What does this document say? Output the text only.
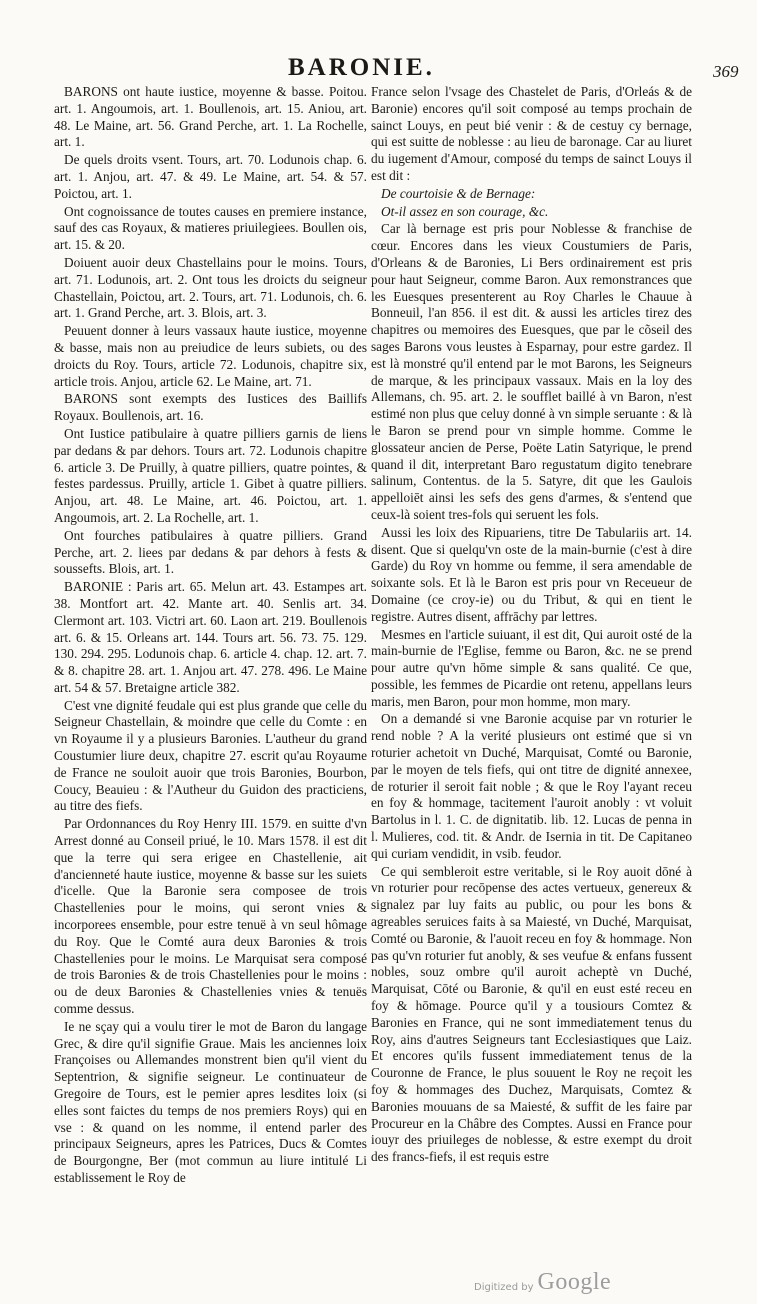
BARONIE.	369

BARONS ont haute iustice, moyenne & basse. Poitou. art. 1. Angoumois, art. 1. Boullenois, art. 15. Aniou, art. 48. Le Maine, art. 56. Grand Perche, art. 1. La Rochelle, art. 1.

De quels droits vsent. Tours, art. 70. Lodunois chap. 6. art. 1. Anjou, art. 47. & 49. Le Maine, art. 54. & 57. Poictou, art. 1.

Ont cognoissance de toutes causes en premiere instance, sauf des cas Royaux, & matieres priuilegiees. Boullen ois, art. 15. & 20.

Doiuent auoir deux Chastellains pour le moins. Tours, art. 71. Lodunois, art. 2. Ont tous les droicts du seigneur Chastellain, Poictou, art. 2. Tours, art. 71. Lodunois, ch. 6. art. 1. Grand Perche, art. 3. Blois, art. 3.

Peuuent donner à leurs vassaux haute iustice, moyenne & basse, mais non au preiudice de leurs subiets, ou des droicts du Roy. Tours, article 72. Lodunois, chapitre six, article trois. Anjou, article 62. Le Maine, art. 71.

BARONS sont exempts des Iustices des Baillifs Royaux. Boullenois, art. 16.

Ont Iustice patibulaire à quatre pilliers garnis de liens par dedans & par dehors. Tours art. 72. Lodunois chapitre 6. article 3. De Pruilly, à quatre pilliers, quatre pointes, & festes pardessus. Pruilly, article 1. Gibet à quatre pilliers. Anjou, art. 48. Le Maine, art. 46. Poictou, art. 1. Angoumois, art. 2. La Rochelle, art. 1.

Ont fourches patibulaires à quatre pilliers. Grand Perche, art. 2. liees par dedans & par dehors à fests & soussefts. Blois, art. 1.

BARONIE : Paris art. 65. Melun art. 43. Estampes art. 38. Montfort art. 42. Mante art. 40. Senlis art. 34. Clermont art. 103. Victri art. 60. Laon art. 219. Boullenois art. 6. & 15. Orleans art. 144. Tours art. 56. 73. 75. 129. 130. 294. 295. Lodunois chap. 6. article 4. chap. 12. art. 7. & 8. chapitre 28. art. 1. Anjou art. 47. 278. 496. Le Maine art. 54 & 57. Bretaigne article 382.

C'est vne dignité feudale qui est plus grande que celle du Seigneur Chastellain, & moindre que celle du Comte : en vn Royaume il y a plusieurs Baronies. L'autheur du grand Coustumier liure deux, chapitre 27. escrit qu'au Royaume de France ne souloit auoir que trois Baronies, Bourbon, Coucy, Beauieu : & l'Autheur du Guidon des practiciens, au titre des fiefs.

Par Ordonnances du Roy Henry III. 1579. en suitte d'vn Arrest donné au Conseil priué, le 10. Mars 1578. il est dit que la terre qui sera erigee en Chastellenie, ait d'ancienneté haute iustice, moyenne & basse sur les suiets d'icelle. Que la Baronie sera composee de trois Chastellenies pour le moins, qui seront vnies & incorporees ensemble, pour estre tenuë à vn seul hômage du Roy. Que le Comté aura deux Baronies & trois Chastellenies pour le moins. Le Marquisat sera composé de trois Baronies & de trois Chastellenies pour le moins : ou de deux Baronies & Chastellenies vnies & tenuës comme dessus.

Ie ne sçay qui a voulu tirer le mot de Baron du langage Grec, & dire qu'il signifie Graue. Mais les anciennes loix Françoises ou Allemandes monstrent bien qu'il vient du Septentrion, & signifie seigneur. Le continuateur de Gregoire de Tours, est le pemier apres lesdites loix (si elles sont faictes du temps de nos premiers Roys) qui en vse : & quand on les nomme, il entend parler des principaux Seigneurs, apres les Patrices, Ducs & Comtes de Bourgongne, Ber (mot commun au liure intitulé Li establissement le Roy de

France selon l'vsage des Chastelet de Paris, d'Orleás & de Baronie) encores qu'il soit composé au temps prochain de sainct Louys, en peut bié venir : & de cestuy cy bernage, qui est suitte de noblesse : au lieu de baronage. Car au liuret du iugement d'Amour, composé du temps de sainct Louys il est dit :

De courtoisie & de Bernage:

Ot-il assez en son courage, &c.

Car là bernage est pris pour Noblesse & franchise de cœur. Encores dans les vieux Coustumiers de Paris, d'Orleans & de Baronies, Li Bers ordinairement est pris pour haut Seigneur, comme Baron. Aux remonstrances que les Euesques presenterent au Roy Charles le Chauue à Bonneuil, l'an 856. il est dit. & aussi les articles tirez des chapitres ou memoires des Euesques, que par le cõseil des sages Barons vous leustes à Esparnay, pour estre gardez. Il est là monstré qu'il entend par le mot Barons, les Seigneurs de marque, & les principaux vassaux. Mais en la loy des Allemans, ch. 95. art. 2. le soufflet baillé à vn Baron, n'est estimé non plus que celuy donné à vn simple seruante : & là le Baron se prend pour vn simple homme. Comme le glossateur ancien de Perse, Poëte Latin Satyrique, le prend quand il dit, interpretant Baro regustatum digito tenebrare salinum, Contentus. de la 5. Satyre, dit que les Gaulois appelloiēt ainsi les sefs des gens d'armes, & s'entend que ceux-là soient tres-fols qui seruent les fols.

Aussi les loix des Ripuariens, titre De Tabulariis art. 14. disent. Que si quelqu'vn oste de la main-burnie (c'est à dire Garde) du Roy vn homme ou femme, il sera amendable de soixante sols. Et là le Baron est pris pour vn Receueur de Domaine (ce croy-ie) ou du Tribut, & qui en tient le registre. Autres disent, affrāchy par lettres.

Mesmes en l'article suiuant, il est dit, Qui auroit osté de la main-burnie de l'Eglise, femme ou Baron, &c. ne se prend pour autre qu'vn hōme simple & sans qualité. Ce que, possible, les femmes de Picardie ont retenu, appellans leurs maris, men Baron, pour mon homme, mon mary.

On a demandé si vne Baronie acquise par vn roturier le rend noble ? A la verité plusieurs ont estimé que si vn roturier achetoit vn Duché, Marquisat, Comté ou Baronie, par le moyen de tels fiefs, qui ont titre de dignité annexee, de roturier il seroit fait noble ; & que le Roy l'ayant receu en foy & hommage, tacitement l'auroit anobly : vt voluit Bartolus in l. 1. C. de dignitatib. lib. 12. Lucas de penna in l. Mulieres, cod. tit. & Andr. de Isernia in tit. De Capitaneo qui curiam vendidit, in vsib. feudor.

Ce qui sembleroit estre veritable, si le Roy auoit dōné à vn roturier pour recōpense des actes vertueux, genereux & signalez par luy faits au public, ou pour les bons & agreables seruices faits à sa Maiesté, vn Duché, Marquisat, Comté ou Baronie, & l'auoit receu en foy & hommage. Non pas qu'vn roturier fut anobly, & ses veufue & enfans fussent nobles, souz ombre qu'il auroit acheptè vn Duché, Marquisat, Cōté ou Baronie, & qu'il en eust esté receu en foy & hōmage. Pource qu'il y a tousiours Comtez & Baronies en France, qui ne sont immediatement tenus du Roy, ains d'autres Seigneurs tant Ecclesiastiques que Laiz. Et encores qu'ils fussent immediatement tenus de la Couronne de France, le plus souuent le Roy ne reçoit les foy & hommages des Duchez, Marquisats, Comtez & Baronies mouuans de sa Maiesté, & suffit de les faire par Procureur en la Châbre des Comptes. Aussi en France pour iouyr des priuileges de noblesse, & estre exempt du droit des francs-fiefs, il est requis estre

Digitized by Google
